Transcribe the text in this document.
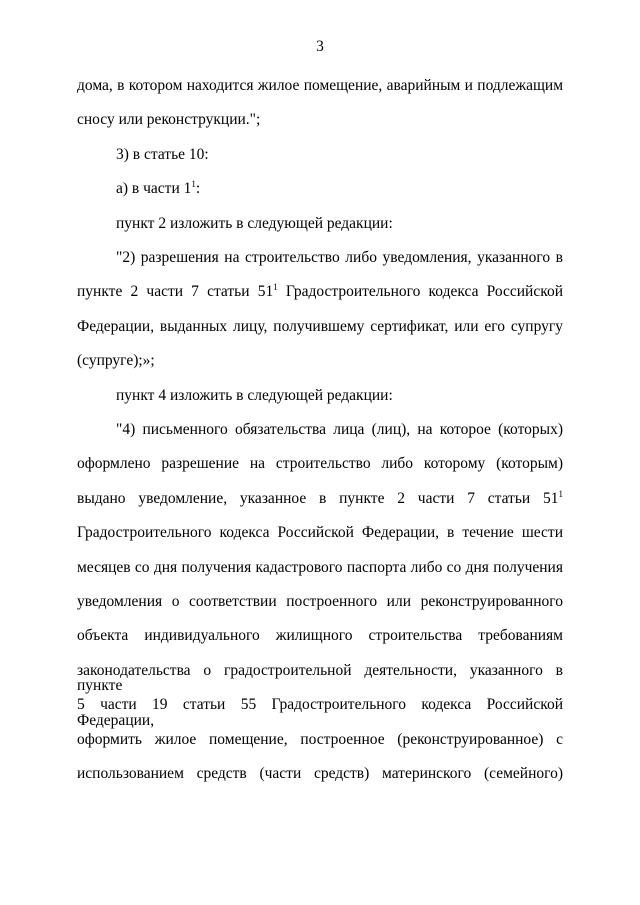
3
дома, в котором находится жилое помещение, аварийным и подлежащим
сносу или реконструкции.";
3) в статье 10:
а) в части $1^1$:
пункт 2 изложить в следующей редакции:
"2) разрешения на строительство либо уведомления, указанного в
пункте 2 части 7 статьи $51^1$ Градостроительного кодекса Российской
Федерации, выданных лицу, получившему сертификат, или его супругу
(супруге);»;
пункт 4 изложить в следующей редакции:
"4) письменного обязательства лица (лиц), на которое (которых)
оформлено разрешение на строительство либо которому (которым)
выдано уведомление, указанное в пункте 2 части 7 статьи $51^1$
Градостроительного кодекса Российской Федерации, в течение шести
месяцев со дня получения кадастрового паспорта либо со дня получения
уведомления о соответствии построенного или реконструированного
объекта индивидуального жилищного строительства требованиям
законодательства о градостроительной деятельности, указанного в пункте
5 части 19 статьи 55 Градостроительного кодекса Российской Федерации,
оформить жилое помещение, построенное (реконструированное) с
использованием средств (части средств) материнского (семейного)
